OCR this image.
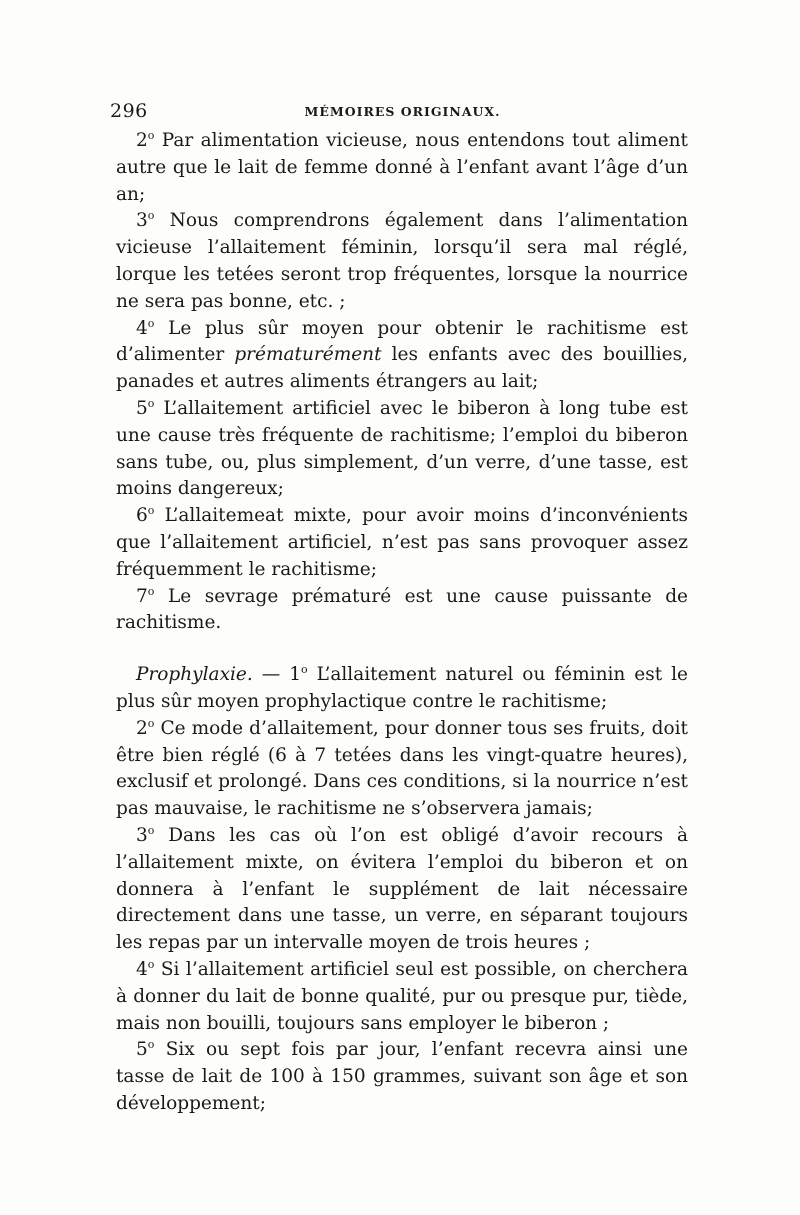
296	MÉMOIRES ORIGINAUX.

2$^o$ Par alimentation vicieuse, nous entendons tout aliment autre que le lait de femme donné à l’enfant avant l’âge d’un an;

3$^o$ Nous comprendrons également dans l’alimentation vicieuse l’allaitement féminin, lorsqu’il sera mal réglé, lorque les tetées seront trop fréquentes, lorsque la nourrice ne sera pas bonne, etc. ;

4$^o$ Le plus sûr moyen pour obtenir le rachitisme est d’alimenter prématurément les enfants avec des bouillies, panades et autres aliments étrangers au lait;

5$^o$ L’allaitement artificiel avec le biberon à long tube est une cause très fréquente de rachitisme; l’emploi du biberon sans tube, ou, plus simplement, d’un verre, d’une tasse, est moins dangereux;

6$^o$ L’allaitemeat mixte, pour avoir moins d’inconvénients que l’allaitement artificiel, n’est pas sans provoquer assez fréquemment le rachitisme;

7$^o$ Le sevrage prématuré est une cause puissante de rachitisme.

Prophylaxie. — 1$^o$ L’allaitement naturel ou féminin est le plus sûr moyen prophylactique contre le rachitisme;

2$^o$ Ce mode d’allaitement, pour donner tous ses fruits, doit être bien réglé (6 à 7 tetées dans les vingt-quatre heures), exclusif et prolongé. Dans ces conditions, si la nourrice n’est pas mauvaise, le rachitisme ne s’observera jamais;

3$^o$ Dans les cas où l’on est obligé d’avoir recours à l’allaitement mixte, on évitera l’emploi du biberon et on donnera à l’enfant le supplément de lait nécessaire directement dans une tasse, un verre, en séparant toujours les repas par un intervalle moyen de trois heures ;

4$^o$ Si l’allaitement artificiel seul est possible, on cherchera à donner du lait de bonne qualité, pur ou presque pur, tiède, mais non bouilli, toujours sans employer le biberon ;

5$^o$ Six ou sept fois par jour, l’enfant recevra ainsi une tasse de lait de 100 à 150 grammes, suivant son âge et son développement;
